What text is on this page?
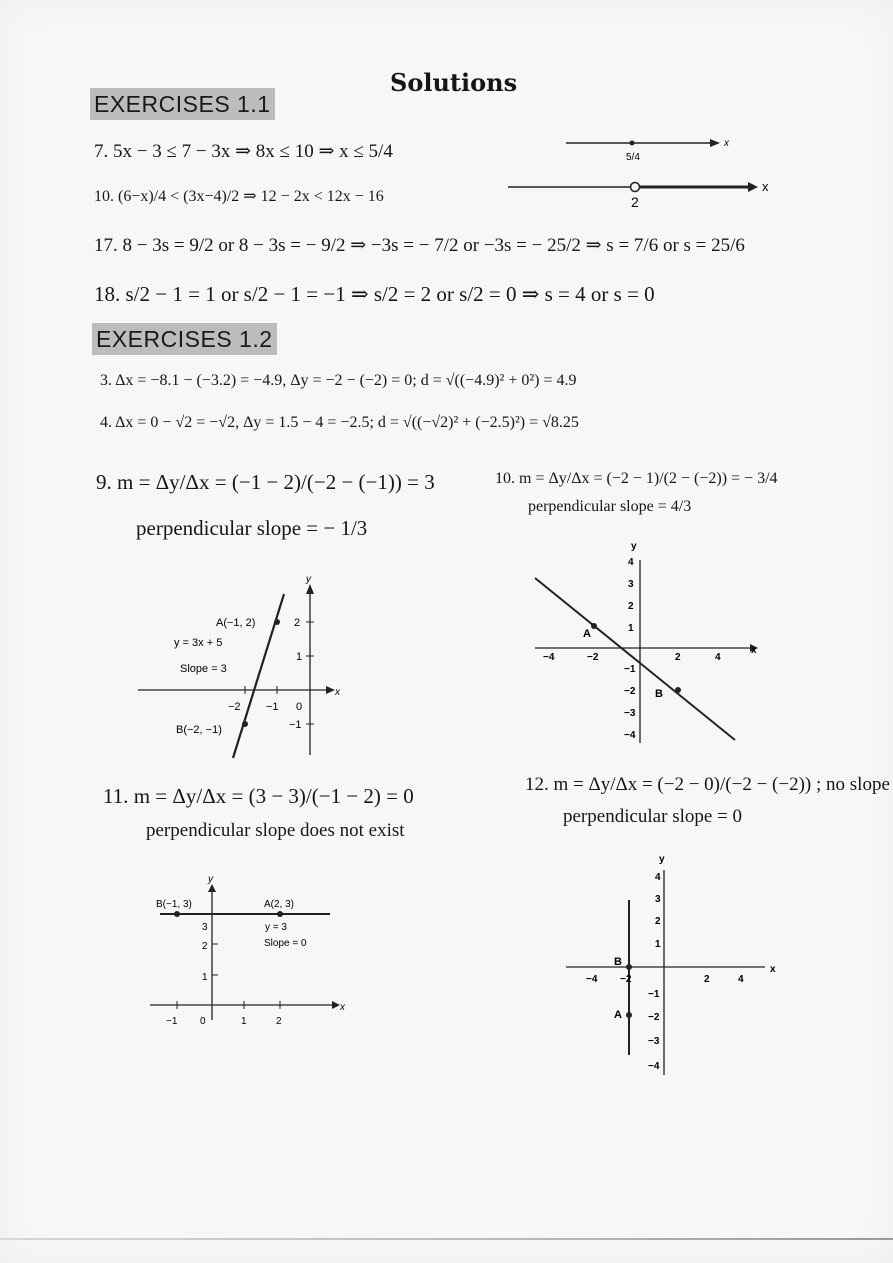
Solutions
EXERCISES 1.1
EXERCISES 1.2
7. 5x − 3 ≤ 7 − 3x ⇒ 8x ≤ 10 ⇒ x ≤ 5/4	5/4
x
10. (6−x)/4 < (3x−4)/2 ⇒ 12 − 2x < 12x − 16	2
x
17. 8 − 3s = 9/2 or 8 − 3s = − 9/2 ⇒ −3s = − 7/2 or −3s = − 25/2 ⇒ s = 7/6 or s = 25/6
18. s/2 − 1 = 1 or s/2 − 1 = −1 ⇒ s/2 = 2 or s/2 = 0 ⇒ s = 4 or s = 0
3. Δx = −8.1 − (−3.2) = −4.9, Δy = −2 − (−2) = 0; d = √((−4.9)² + 0²) = 4.9
4. Δx = 0 − √2 = −√2, Δy = 1.5 − 4 = −2.5; d = √((−√2)² + (−2.5)²) = √8.25
9. m = Δy/Δx = (−1 − 2)/(−2 − (−1)) = 3
perpendicular slope = − 1/3
10. m = Δy/Δx = (−2 − 1)/(2 − (−2)) = − 3/4
perpendicular slope = 4/3
x
y
A(−1, 2)
y = 3x + 5
Slope = 3
B(−2, −1)
−2 −1 0
2
1
−1
x
y
A
B
−4	−2	2	4
4
3
2
1
−1
−2
−3
−4
11. m = Δy/Δx = (3 − 3)/(−1 − 2) = 0
perpendicular slope does not exist
12. m = Δy/Δx = (−2 − 0)/(−2 − (−2)) ; no slope
perpendicular slope = 0
x
y
B(−1, 3)	A(2, 3)
y = 3
Slope = 0
−1 0	1	2
3
2
1
x
y
B
A
−4 −2	2	4
4
3
2
1
−1
−2
−3
−4
